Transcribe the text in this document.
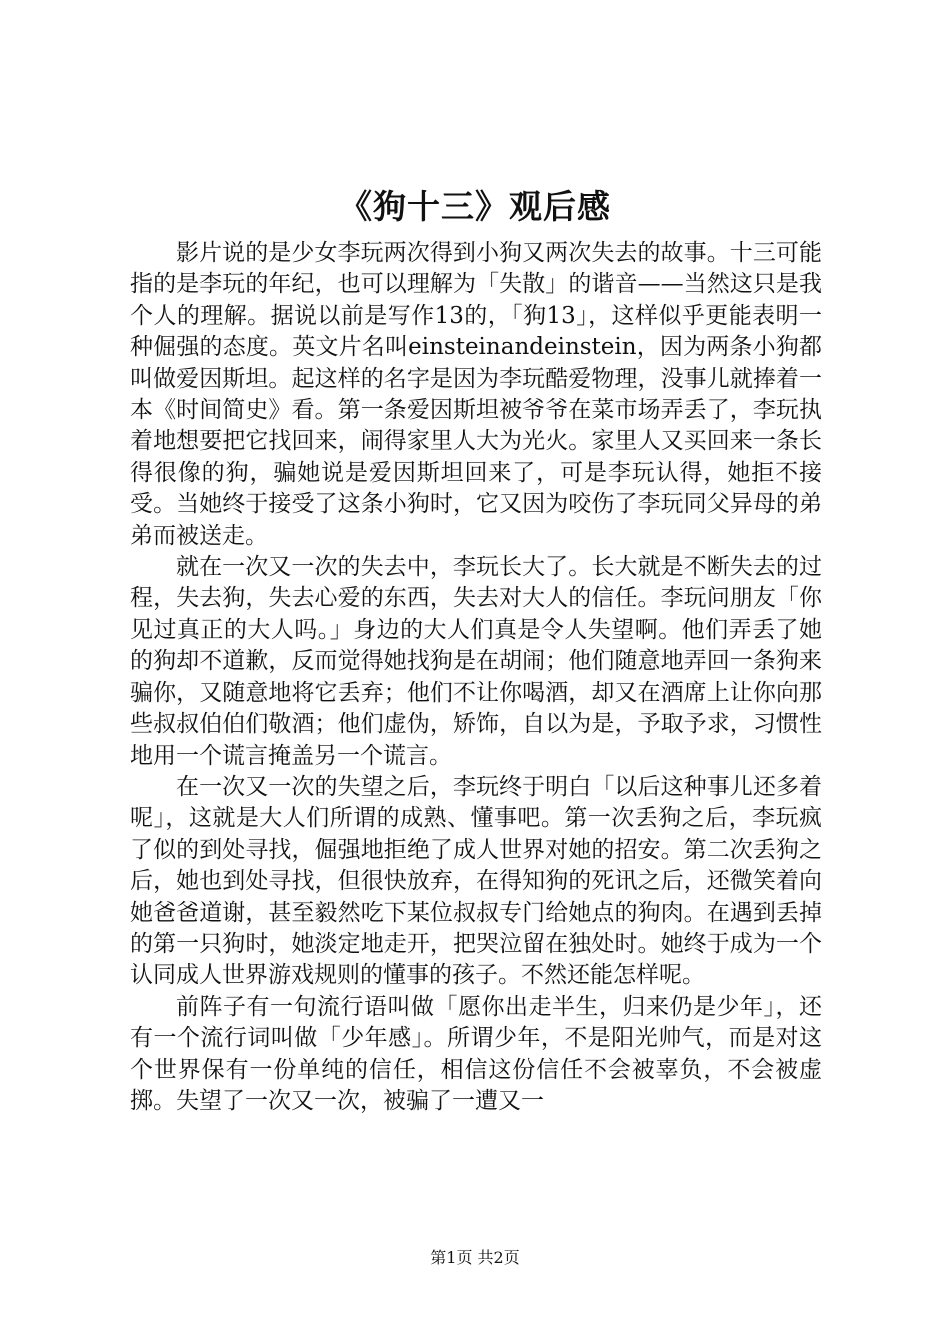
《狗十三》观后感

影片说的是少女李玩两次得到小狗又两次失去的故事。十三可能指的是李玩的年纪，也可以理解为「失散」的谐音——当然这只是我个人的理解。据说以前是写作13的，「狗13」，这样似乎更能表明一种倔强的态度。英文片名叫einsteinandeinstein，因为两条小狗都叫做爱因斯坦。起这样的名字是因为李玩酷爱物理，没事儿就捧着一本《时间简史》看。第一条爱因斯坦被爷爷在菜市场弄丢了，李玩执着地想要把它找回来，闹得家里人大为光火。家里人又买回来一条长得很像的狗，骗她说是爱因斯坦回来了，可是李玩认得，她拒不接受。当她终于接受了这条小狗时，它又因为咬伤了李玩同父异母的弟弟而被送走。

就在一次又一次的失去中，李玩长大了。长大就是不断失去的过程，失去狗，失去心爱的东西，失去对大人的信任。李玩问朋友「你见过真正的大人吗。」身边的大人们真是令人失望啊。他们弄丢了她的狗却不道歉，反而觉得她找狗是在胡闹；他们随意地弄回一条狗来骗你，又随意地将它丢弃；他们不让你喝酒，却又在酒席上让你向那些叔叔伯伯们敬酒；他们虚伪，矫饰，自以为是，予取予求，习惯性地用一个谎言掩盖另一个谎言。

在一次又一次的失望之后，李玩终于明白「以后这种事儿还多着呢」，这就是大人们所谓的成熟、懂事吧。第一次丢狗之后，李玩疯了似的到处寻找，倔强地拒绝了成人世界对她的招安。第二次丢狗之后，她也到处寻找，但很快放弃，在得知狗的死讯之后，还微笑着向她爸爸道谢，甚至毅然吃下某位叔叔专门给她点的狗肉。在遇到丢掉的第一只狗时，她淡定地走开，把哭泣留在独处时。她终于成为一个认同成人世界游戏规则的懂事的孩子。不然还能怎样呢。

前阵子有一句流行语叫做「愿你出走半生，归来仍是少年」，还有一个流行词叫做「少年感」。所谓少年，不是阳光帅气，而是对这个世界保有一份单纯的信任，相信这份信任不会被辜负，不会被虚掷。失望了一次又一次，被骗了一遭又一

第1页 共2页
